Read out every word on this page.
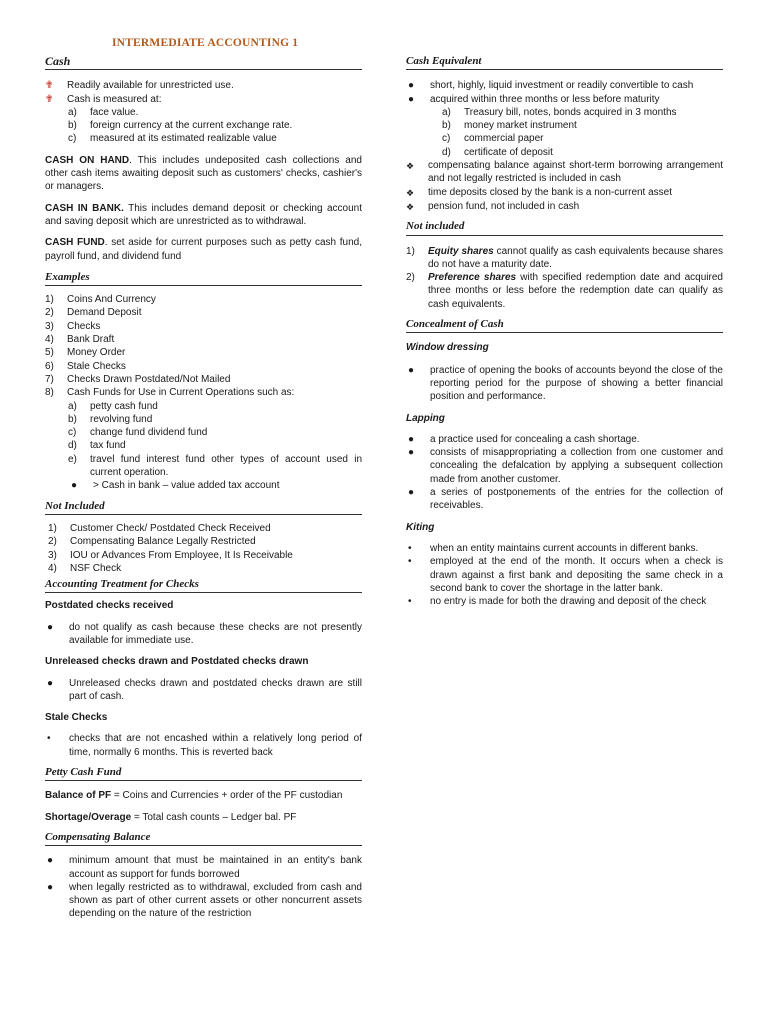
INTERMEDIATE ACCOUNTING 1
Cash
✟	Readily available for unrestricted use.
✟	Cash is measured at:
a)	face value.
b)	foreign currency at the current exchange rate.
c)	measured at its estimated realizable value

CASH ON HAND. This includes undeposited cash collections and other cash items awaiting deposit such as customers' checks, cashier's or managers.

CASH IN BANK. This includes demand deposit or checking account and saving deposit which are unrestricted as to withdrawal.

CASH FUND. set aside for current purposes such as petty cash fund, payroll fund, and dividend fund

Examples
1)	Coins And Currency
2)	Demand Deposit
3)	Checks
4)	Bank Draft
5)	Money Order
6)	Stale Checks
7)	Checks Drawn Postdated/Not Mailed
8)	Cash Funds for Use in Current Operations such as:
a)	petty cash fund
b)	revolving fund
c)	change fund dividend fund
d)	tax fund
e)	travel fund interest fund other types of account used in current operation.
●	> Cash in bank – value added tax account
Not Included
1)	Customer Check/ Postdated Check Received
2)	Compensating Balance Legally Restricted
3)	IOU or Advances From Employee, It Is Receivable
4)	NSF Check
Accounting Treatment for Checks
Postdated checks received
●	do not qualify as cash because these checks are not presently available for immediate use.
Unreleased checks drawn and Postdated checks drawn
●	Unreleased checks drawn and postdated checks drawn are still part of cash.
Stale Checks
•	checks that are not encashed within a relatively long period of time, normally 6 months. This is reverted back
Petty Cash Fund

Balance of PF = Coins and Currencies + order of the PF custodian

Shortage/Overage = Total cash counts – Ledger bal. PF

Compensating Balance
●	minimum amount that must be maintained in an entity's bank account as support for funds borrowed
●	when legally restricted as to withdrawal, excluded from cash and shown as part of other current assets or other noncurrent assets depending on the nature of the restriction
Cash Equivalent
●	short, highly, liquid investment or readily convertible to cash
●	acquired within three months or less before maturity
a)	Treasury bill, notes, bonds acquired in 3 months
b)	money market instrument
c)	commercial paper
d)	certificate of deposit
❖	compensating balance against short-term borrowing arrangement and not legally restricted is included in cash
❖	time deposits closed by the bank is a non-current asset
❖	pension fund, not included in cash
Not included
1)	Equity shares cannot qualify as cash equivalents because shares do not have a maturity date.
2)	Preference shares with specified redemption date and acquired three months or less before the redemption date can qualify as cash equivalents.
Concealment of Cash
Window dressing
●	practice of opening the books of accounts beyond the close of the reporting period for the purpose of showing a better financial position and performance.
Lapping
●	a practice used for concealing a cash shortage.
●	consists of misappropriating a collection from one customer and concealing the defalcation by applying a subsequent collection made from another customer.
●	a series of postponements of the entries for the collection of receivables.
Kiting
•	when an entity maintains current accounts in different banks.
•	employed at the end of the month. It occurs when a check is drawn against a first bank and depositing the same check in a second bank to cover the shortage in the latter bank.
•	no entry is made for both the drawing and deposit of the check
